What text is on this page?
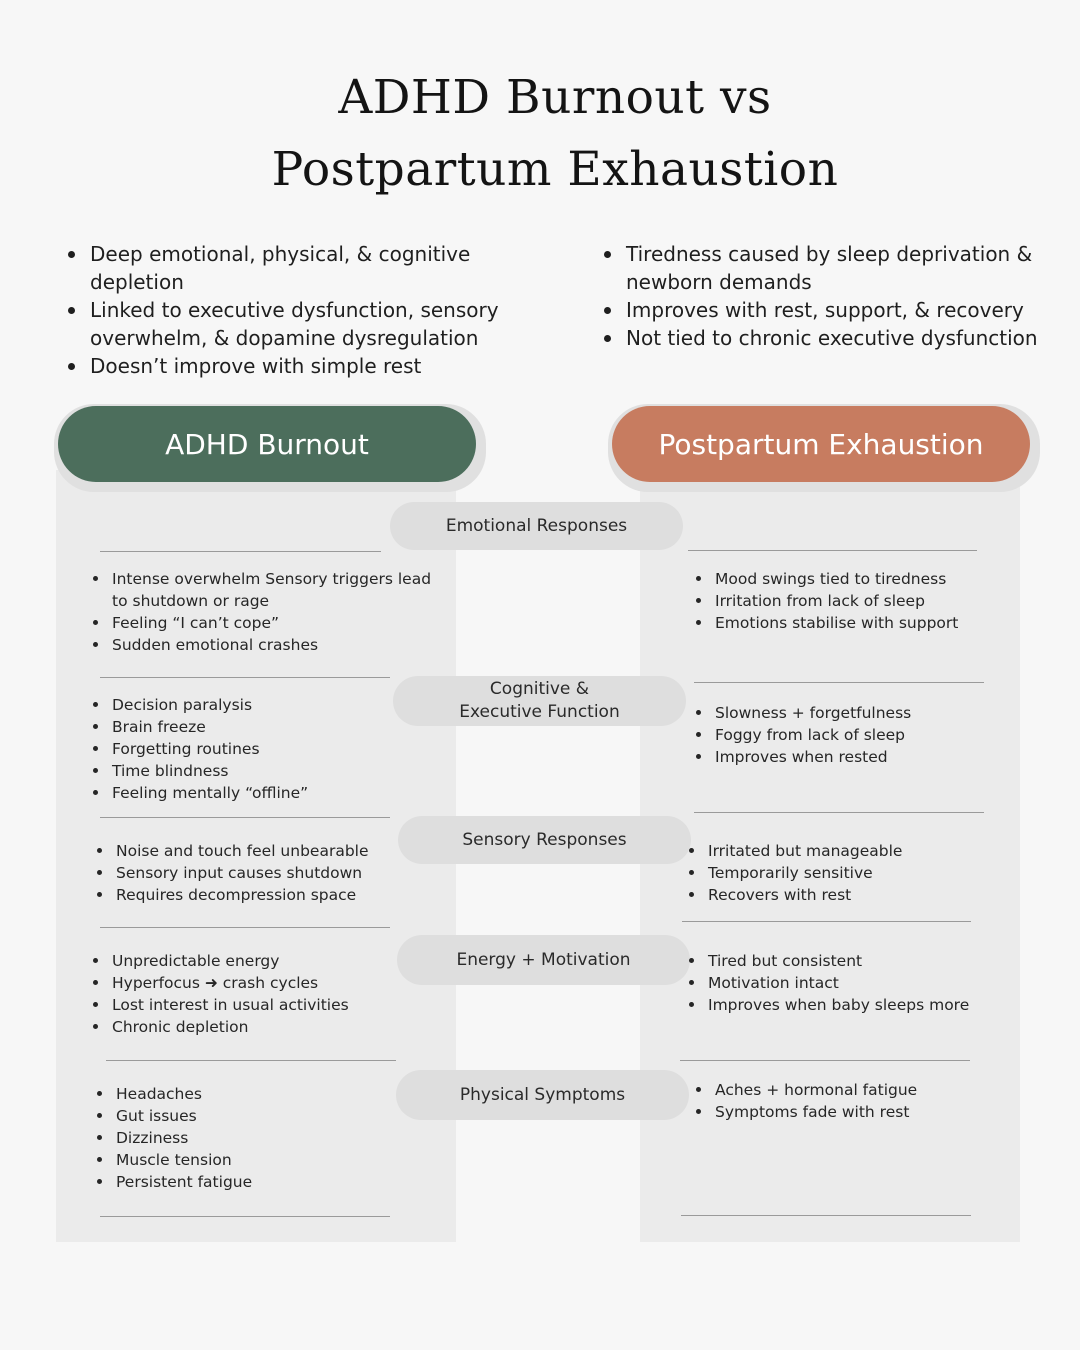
ADHD Burnout vs
Postpartum Exhaustion
Deep emotional, physical, & cognitive depletion
Linked to executive dysfunction, sensory overwhelm, & dopamine dysregulation
Doesn’t improve with simple rest
Tiredness caused by sleep deprivation & newborn demands
Improves with rest, support, & recovery
Not tied to chronic executive dysfunction
ADHD Burnout	Postpartum Exhaustion
Emotional Responses
Cognitive &
Executive Function
Sensory Responses
Energy + Motivation
Physical Symptoms
Intense overwhelm Sensory triggers lead to shutdown or rage
Feeling “I can’t cope”
Sudden emotional crashes
Decision paralysis
Brain freeze
Forgetting routines
Time blindness
Feeling mentally “offline”
Noise and touch feel unbearable
Sensory input causes shutdown
Requires decompression space
Unpredictable energy
Hyperfocus ➜ crash cycles
Lost interest in usual activities
Chronic depletion
Headaches
Gut issues
Dizziness
Muscle tension
Persistent fatigue
Mood swings tied to tiredness
Irritation from lack of sleep
Emotions stabilise with support
Slowness + forgetfulness
Foggy from lack of sleep
Improves when rested
Irritated but manageable
Temporarily sensitive
Recovers with rest
Tired but consistent
Motivation intact
Improves when baby sleeps more
Aches + hormonal fatigue
Symptoms fade with rest
